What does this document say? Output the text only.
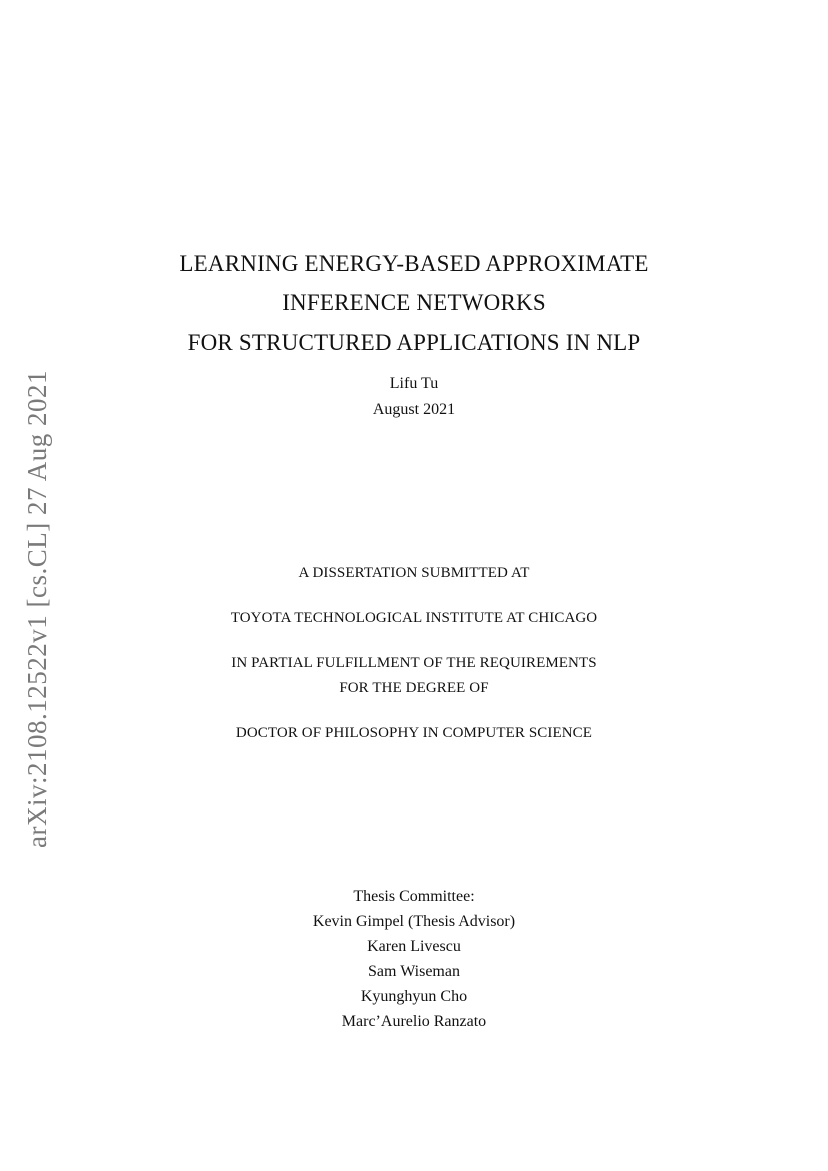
arXiv:2108.12522v1 [cs.CL] 27 Aug 2021
LEARNING ENERGY-BASED APPROXIMATE
INFERENCE NETWORKS
FOR STRUCTURED APPLICATIONS IN NLP
Lifu Tu
August 2021
A DISSERTATION SUBMITTED AT
TOYOTA TECHNOLOGICAL INSTITUTE AT CHICAGO
IN PARTIAL FULFILLMENT OF THE REQUIREMENTS
FOR THE DEGREE OF
DOCTOR OF PHILOSOPHY IN COMPUTER SCIENCE
Thesis Committee:
Kevin Gimpel (Thesis Advisor)
Karen Livescu
Sam Wiseman
Kyunghyun Cho
Marc’Aurelio Ranzato
